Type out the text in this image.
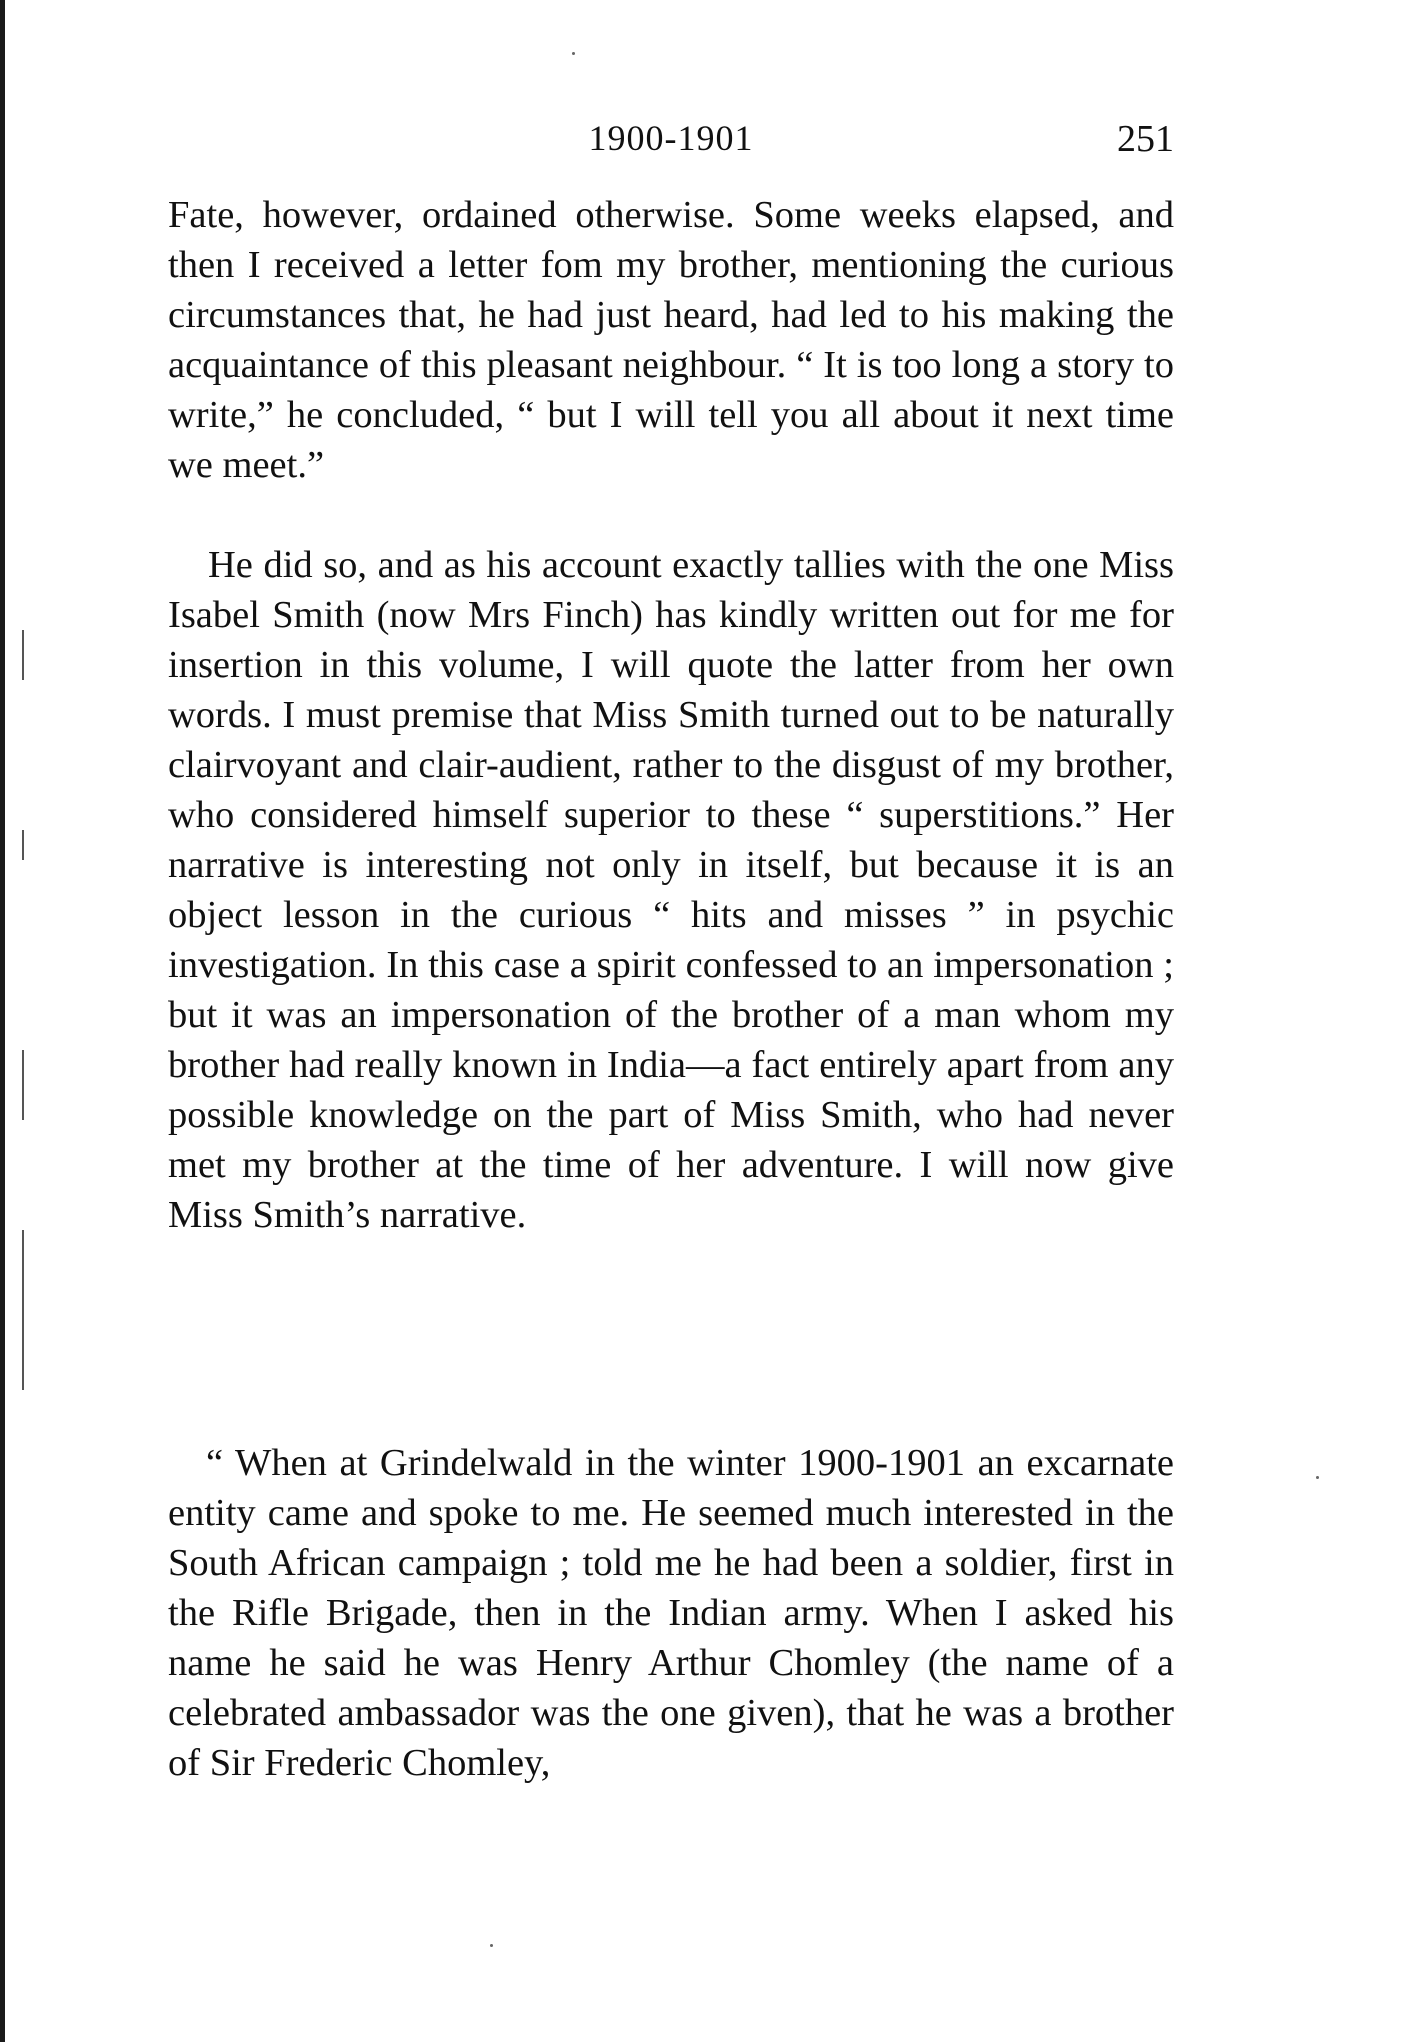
1900-1901	251

Fate, however, ordained otherwise. Some weeks elapsed, and then I received a letter fom my brother, mentioning the curious circumstances that, he had just heard, had led to his making the acquaintance of this pleasant neighbour. “ It is too long a story to write,” he concluded, “ but I will tell you all about it next time we meet.”

He did so, and as his account exactly tallies with the one Miss Isabel Smith (now Mrs Finch) has kindly written out for me for insertion in this volume, I will quote the latter from her own words. I must premise that Miss Smith turned out to be naturally clairvoyant and clair-audient, rather to the disgust of my brother, who considered himself superior to these “ superstitions.” Her narrative is interesting not only in itself, but because it is an object lesson in the curious “ hits and misses ” in psychic investigation. In this case a spirit confessed to an impersonation ; but it was an impersonation of the brother of a man whom my brother had really known in India—a fact entirely apart from any possible knowledge on the part of Miss Smith, who had never met my brother at the time of her adventure. I will now give Miss Smith’s narrative.

“ When at Grindelwald in the winter 1900-1901 an excarnate entity came and spoke to me. He seemed much interested in the South African campaign ; told me he had been a soldier, first in the Rifle Brigade, then in the Indian army. When I asked his name he said he was Henry Arthur Chomley (the name of a celebrated ambassador was the one given), that he was a brother of Sir Frederic Chomley,
